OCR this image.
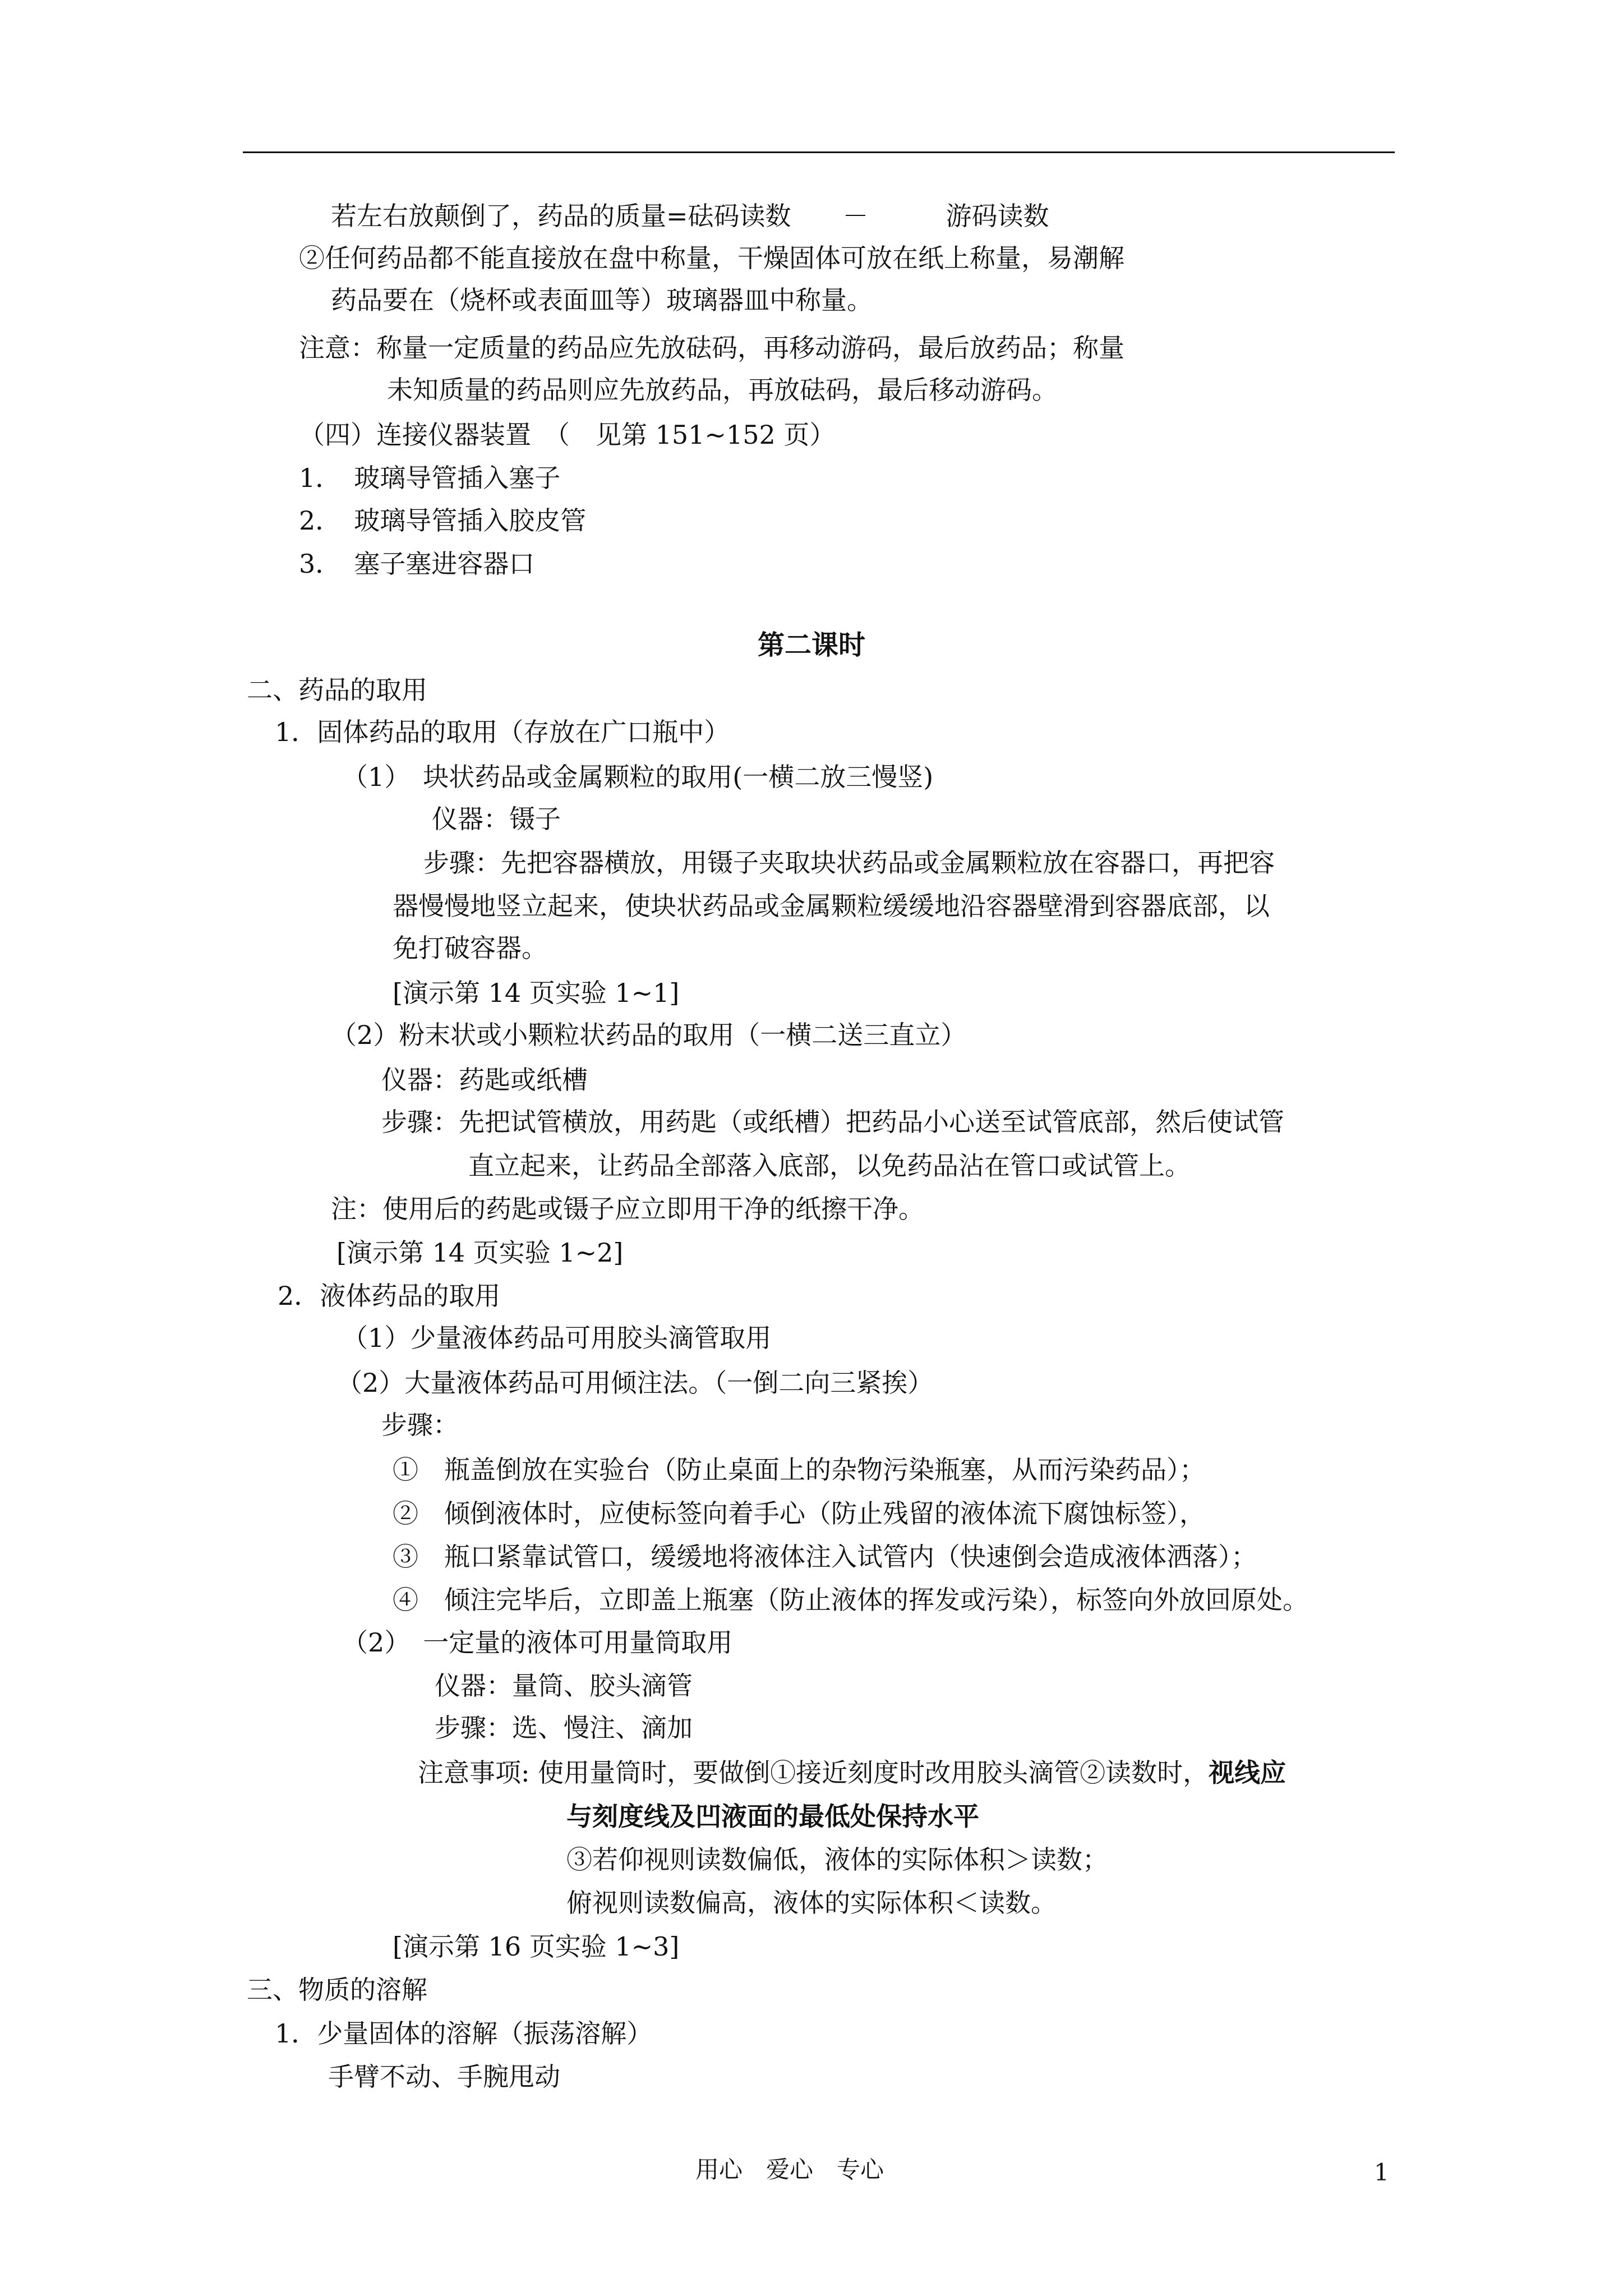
若左右放颠倒了，药品的质量=砝码读数　　－　　　游码读数
②任何药品都不能直接放在盘中称量，干燥固体可放在纸上称量，易潮解
药品要在（烧杯或表面皿等）玻璃器皿中称量。
注意：称量一定质量的药品应先放砝码，再移动游码，最后放药品；称量
未知质量的药品则应先放药品，再放砝码，最后移动游码。
（四）连接仪器装置　（　见第 151~152 页）
1．　玻璃导管插入塞子
2．　玻璃导管插入胶皮管
3．　塞子塞进容器口
第二课时
二、药品的取用
1．固体药品的取用（存放在广口瓶中）
（1）　块状药品或金属颗粒的取用(一横二放三慢竖)
仪器：镊子
步骤：先把容器横放，用镊子夹取块状药品或金属颗粒放在容器口，再把容
器慢慢地竖立起来，使块状药品或金属颗粒缓缓地沿容器壁滑到容器底部，以
免打破容器。
[演示第 14 页实验 1~1]
（2）粉末状或小颗粒状药品的取用（一横二送三直立）
仪器：药匙或纸槽
步骤：先把试管横放，用药匙（或纸槽）把药品小心送至试管底部，然后使试管
直立起来，让药品全部落入底部，以免药品沾在管口或试管上。
注：使用后的药匙或镊子应立即用干净的纸擦干净。
[演示第 14 页实验 1~2]
2．液体药品的取用
（1）少量液体药品可用胶头滴管取用
（2）大量液体药品可用倾注法。（一倒二向三紧挨）
步骤：
①　瓶盖倒放在实验台（防止桌面上的杂物污染瓶塞，从而污染药品）；
②　倾倒液体时，应使标签向着手心（防止残留的液体流下腐蚀标签），
③　瓶口紧靠试管口，缓缓地将液体注入试管内（快速倒会造成液体洒落）；
④　倾注完毕后，立即盖上瓶塞（防止液体的挥发或污染），标签向外放回原处。
（2）　一定量的液体可用量筒取用
仪器：量筒、胶头滴管
步骤：选、慢注、滴加
注意事项: 使用量筒时，要做倒①接近刻度时改用胶头滴管②读数时，视线应
与刻度线及凹液面的最低处保持水平
③若仰视则读数偏低，液体的实际体积＞读数；
俯视则读数偏高，液体的实际体积＜读数。
[演示第 16 页实验 1~3]
三、物质的溶解
1．少量固体的溶解（振荡溶解）
手臂不动、手腕甩动
用心　爱心　专心	1
